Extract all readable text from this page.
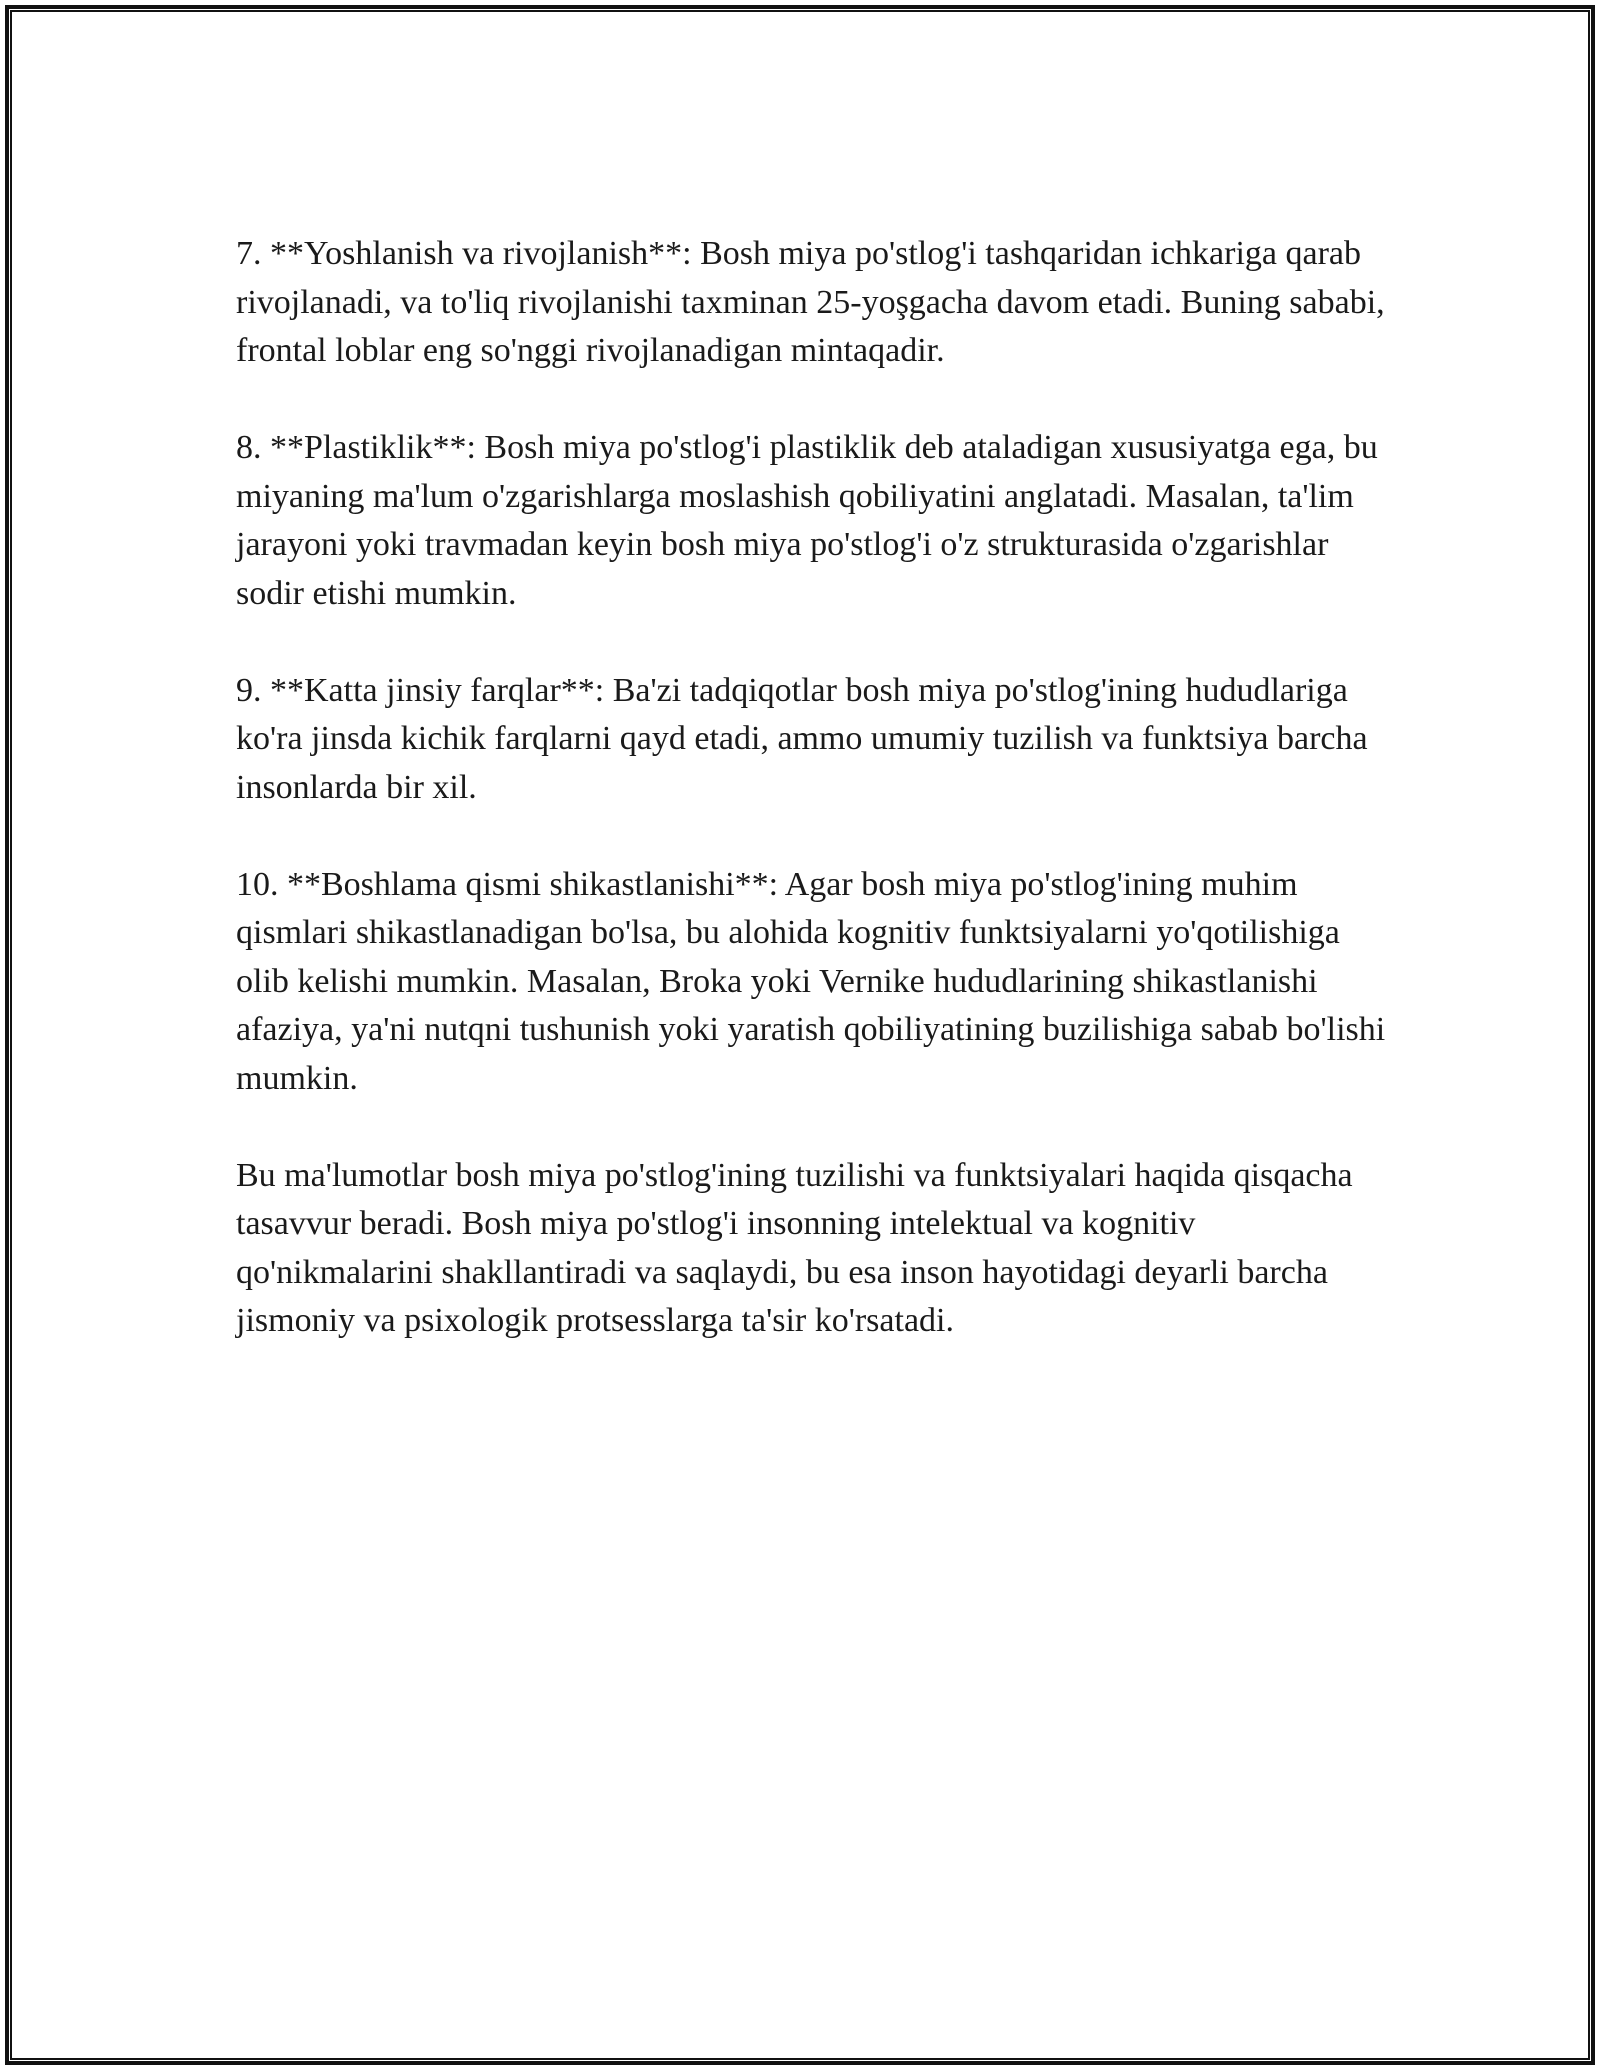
7. **Yoshlanish va rivojlanish**: Bosh miya po'stlog'i tashqaridan ichkariga qarab rivojlanadi, va to'liq rivojlanishi taxminan 25-yoşgacha davom etadi. Buning sababi, frontal loblar eng so'nggi rivojlanadigan mintaqadir.

8. **Plastiklik**: Bosh miya po'stlog'i plastiklik deb ataladigan xususiyatga ega, bu miyaning ma'lum o'zgarishlarga moslashish qobiliyatini anglatadi. Masalan, ta'lim jarayoni yoki travmadan keyin bosh miya po'stlog'i o'z strukturasida o'zgarishlar sodir etishi mumkin.

9. **Katta jinsiy farqlar**: Ba'zi tadqiqotlar bosh miya po'stlog'ining hududlariga ko'ra jinsda kichik farqlarni qayd etadi, ammo umumiy tuzilish va funktsiya barcha insonlarda bir xil.

10. **Boshlama qismi shikastlanishi**: Agar bosh miya po'stlog'ining muhim qismlari shikastlanadigan bo'lsa, bu alohida kognitiv funktsiyalarni yo'qotilishiga olib kelishi mumkin. Masalan, Broka yoki Vernike hududlarining shikastlanishi afaziya, ya'ni nutqni tushunish yoki yaratish qobiliyatining buzilishiga sabab bo'lishi mumkin.

Bu ma'lumotlar bosh miya po'stlog'ining tuzilishi va funktsiyalari haqida qisqacha tasavvur beradi. Bosh miya po'stlog'i insonning intelektual va kognitiv qo'nikmalarini shakllantiradi va saqlaydi, bu esa inson hayotidagi deyarli barcha jismoniy va psixologik protsesslarga ta'sir ko'rsatadi.
